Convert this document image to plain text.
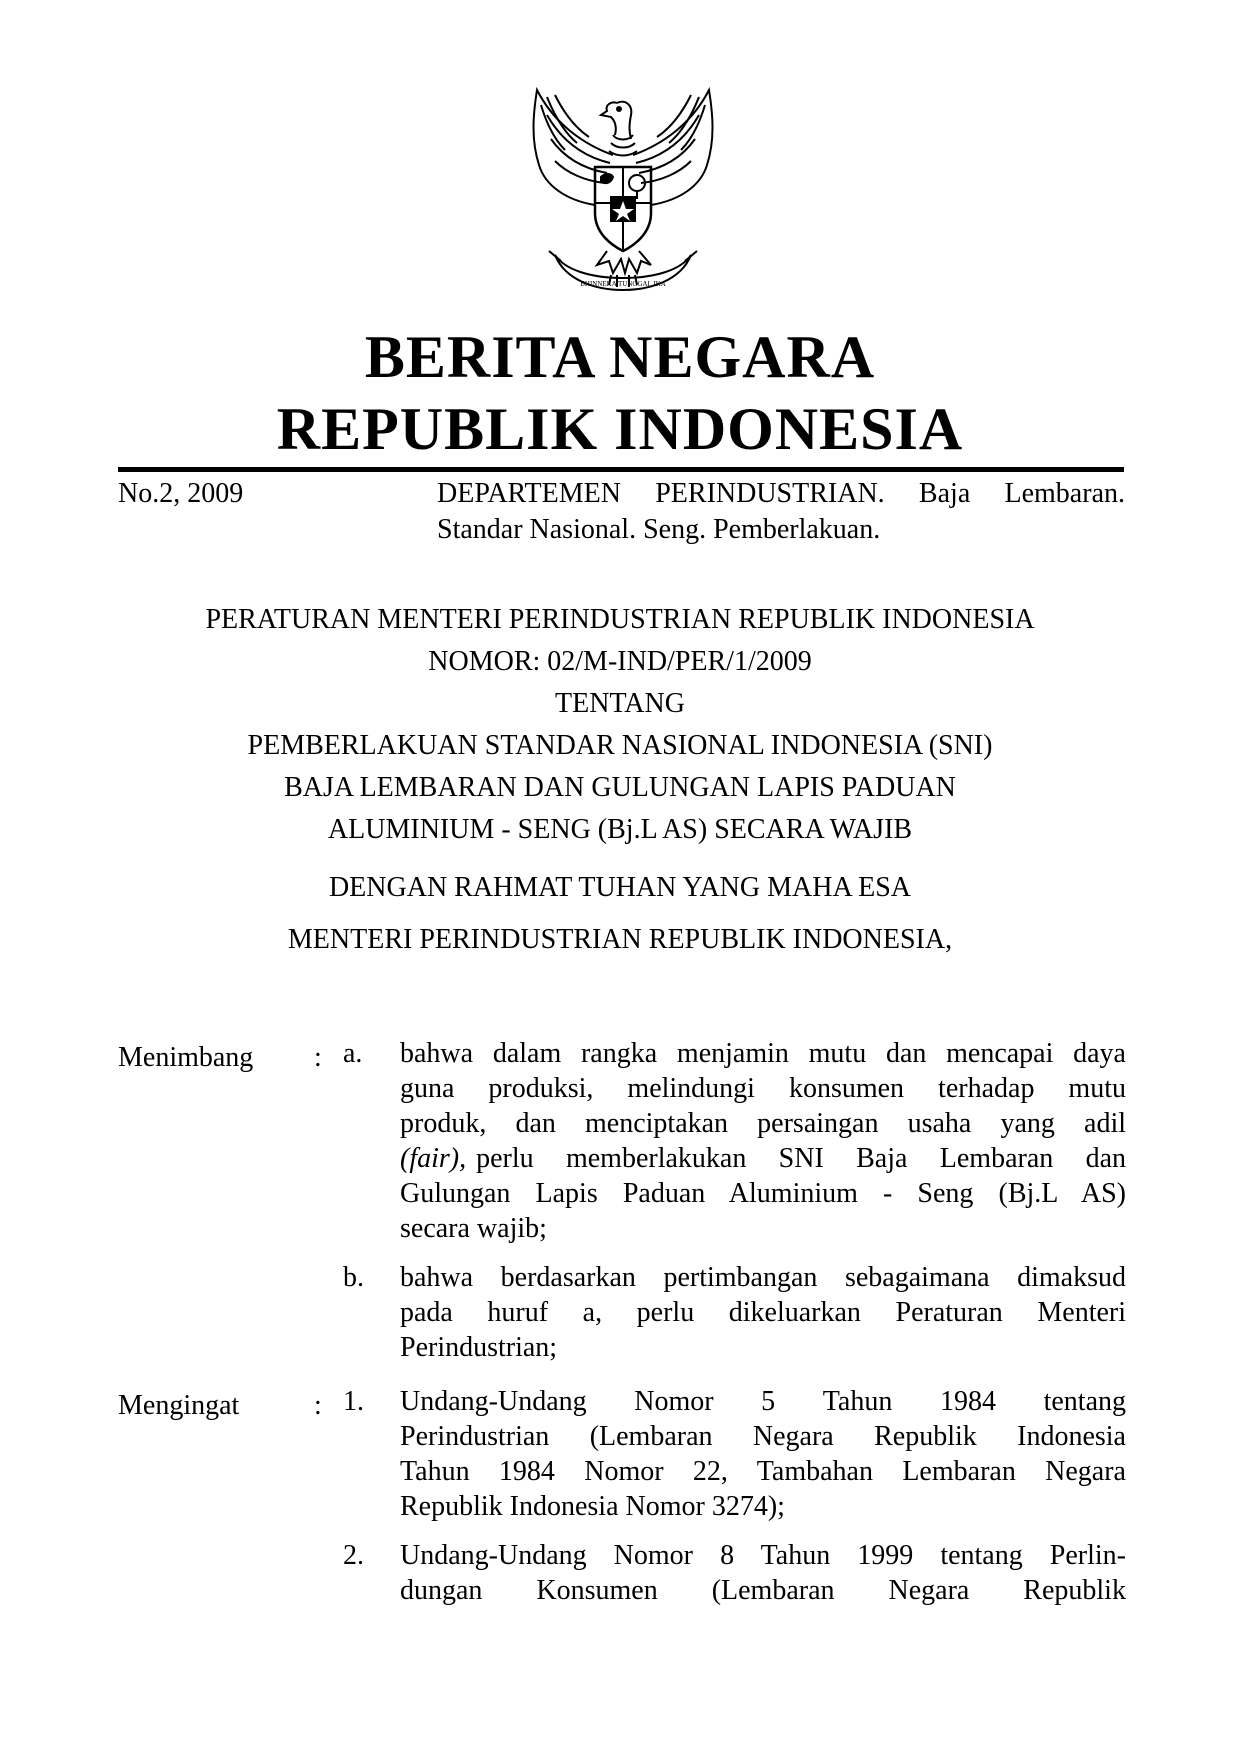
BHINNEKA TUNGGAL IKA
BERITA NEGARA
REPUBLIK INDONESIA
No.2, 2009	DEPARTEMEN PERINDUSTRIAN. Baja Lembaran.
Standar Nasional. Seng. Pemberlakuan.
PERATURAN MENTERI PERINDUSTRIAN REPUBLIK INDONESIA
NOMOR: 02/M-IND/PER/1/2009
TENTANG
PEMBERLAKUAN STANDAR NASIONAL INDONESIA (SNI)
BAJA LEMBARAN DAN GULUNGAN LAPIS PADUAN
ALUMINIUM - SENG (Bj.L AS) SECARA WAJIB
DENGAN RAHMAT TUHAN YANG MAHA ESA
MENTERI PERINDUSTRIAN REPUBLIK INDONESIA,
Menimbang : a. bahwa dalam rangka menjamin mutu dan mencapai daya
guna produksi, melindungi konsumen terhadap mutu
produk, dan menciptakan persaingan usaha yang adil
(fair), perlu memberlakukan SNI Baja Lembaran dan
Gulungan Lapis Paduan Aluminium - Seng (Bj.L AS)
secara wajib;
b. bahwa berdasarkan pertimbangan sebagaimana dimaksud
pada huruf a, perlu dikeluarkan Peraturan Menteri
Perindustrian;
Mengingat	: 1. Undang-Undang Nomor 5 Tahun 1984 tentang
Perindustrian (Lembaran Negara Republik Indonesia
Tahun 1984 Nomor 22, Tambahan Lembaran Negara
Republik Indonesia Nomor 3274);
2. Undang-Undang Nomor 8 Tahun 1999 tentang Perlin-
dungan Konsumen (Lembaran Negara Republik
